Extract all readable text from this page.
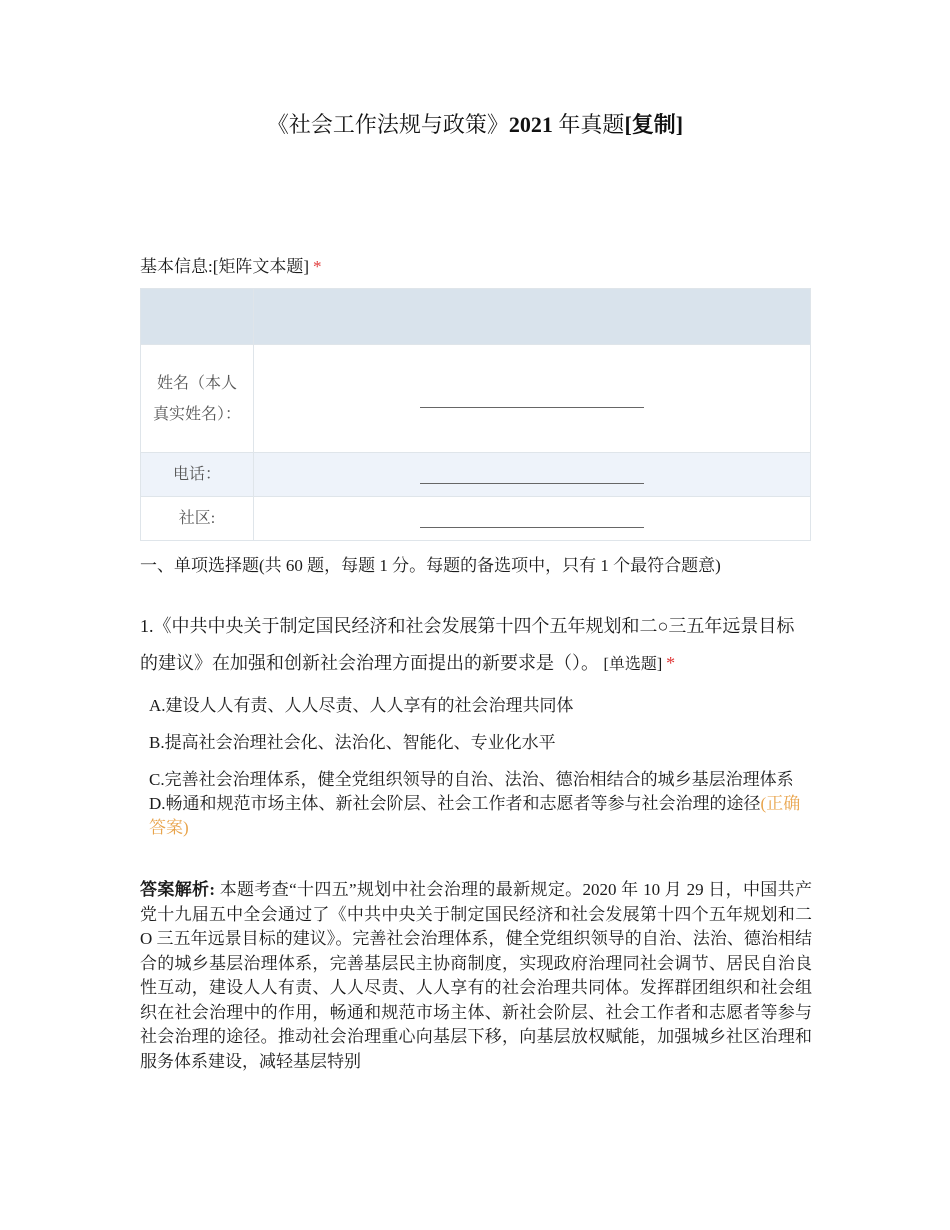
《社会工作法规与政策》2021 年真题[复制]
基本信息:[矩阵文本题] *

姓名（本人真实姓名）：	

电话：	

社区:	
一、单项选择题(共 60 题，每题 1 分。每题的备选项中，只有 1 个最符合题意)
1.《中共中央关于制定国民经济和社会发展第十四个五年规划和二○三五年远景目标的建议》在加强和创新社会治理方面提出的新要求是（）。 [单选题] *
A.建设人人有责、人人尽责、人人享有的社会治理共同体
B.提高社会治理社会化、法治化、智能化、专业化水平
C.完善社会治理体系，健全党组织领导的自治、法治、德治相结合的城乡基层治理体系
D.畅通和规范市场主体、新社会阶层、社会工作者和志愿者等参与社会治理的途径(正确答案)
答案解析: 本题考查“十四五”规划中社会治理的最新规定。2020 年 10 月 29 日，中国共产党十九届五中全会通过了《中共中央关于制定国民经济和社会发展第十四个五年规划和二 O 三五年远景目标的建议》。完善社会治理体系，健全党组织领导的自治、法治、德治相结合的城乡基层治理体系，完善基层民主协商制度，实现政府治理同社会调节、居民自治良性互动，建设人人有责、人人尽责、人人享有的社会治理共同体。发挥群团组织和社会组织在社会治理中的作用，畅通和规范市场主体、新社会阶层、社会工作者和志愿者等参与社会治理的途径。推动社会治理重心向基层下移，向基层放权赋能，加强城乡社区治理和服务体系建设，减轻基层特别
